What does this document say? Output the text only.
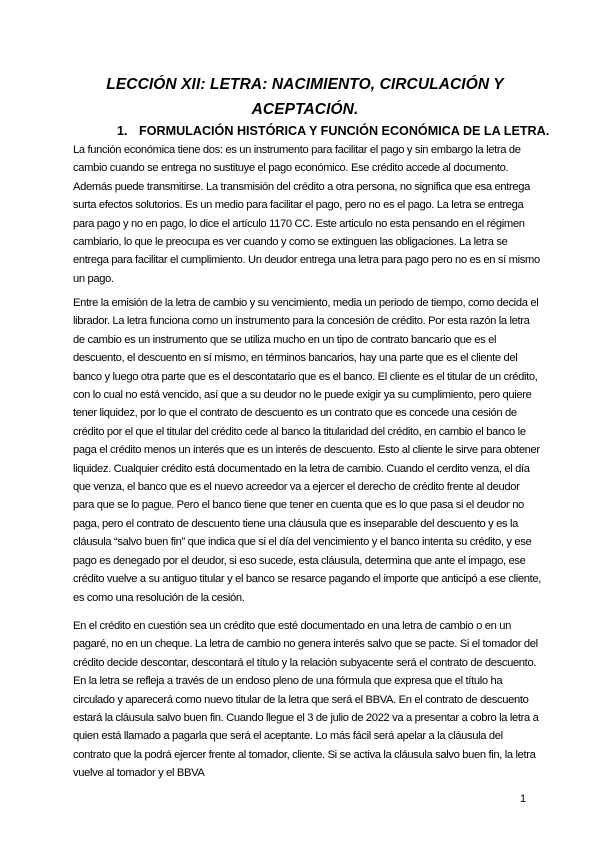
LECCIÓN XII: LETRA: NACIMIENTO, CIRCULACIÓN Y ACEPTACIÓN.
1. FORMULACIÓN HISTÓRICA Y FUNCIÓN ECONÓMICA DE LA LETRA.

La función económica tiene dos: es un instrumento para facilitar el pago y sin embargo la letra de cambio cuando se entrega no sustituye el pago económico. Ese crédito accede al documento. Además puede transmitirse. La transmisión del crédito a otra persona, no significa que esa entrega surta efectos solutorios. Es un medio para facilitar el pago, pero no es el pago. La letra se entrega para pago y no en pago, lo dice el artículo 1170 CC. Este articulo no esta pensando en el régimen cambiario, lo que le preocupa es ver cuando y como se extinguen las obligaciones. La letra se entrega para facilitar el cumplimiento. Un deudor entrega una letra para pago pero no es en sí mismo un pago.

Entre la emisión de la letra de cambio y su vencimiento, media un periodo de tiempo, como decida el librador. La letra funciona como un instrumento para la concesión de crédito. Por esta razón la letra de cambio es un instrumento que se utiliza mucho en un tipo de contrato bancario que es el descuento, el descuento en sí mismo, en términos bancarios, hay una parte que es el cliente del banco y luego otra parte que es el descontatario que es el banco. El cliente es el titular de un crédito, con lo cual no está vencido, así que a su deudor no le puede exigir ya su cumplimiento, pero quiere tener liquidez, por lo que el contrato de descuento es un contrato que es concede una cesión de crédito por el que el titular del crédito cede al banco la titularidad del crédito, en cambio el banco le paga el crédito menos un interés que es un interés de descuento. Esto al cliente le sirve para obtener liquidez. Cualquier crédito está documentado en la letra de cambio. Cuando el cerdito venza, el día que venza, el banco que es el nuevo acreedor va a ejercer el derecho de crédito frente al deudor para que se lo pague. Pero el banco tiene que tener en cuenta que es lo que pasa si el deudor no paga, pero el contrato de descuento tiene una cláusula que es inseparable del descuento y es la cláusula “salvo buen fin” que indica que si el día del vencimiento y el banco intenta su crédito, y ese pago es denegado por el deudor, si eso sucede, esta cláusula, determina que ante el impago, ese crédito vuelve a su antiguo titular y el banco se resarce pagando el importe que anticipó a ese cliente, es como una resolución de la cesión.

En el crédito en cuestión sea un crédito que esté documentado en una letra de cambio o en un pagaré, no en un cheque. La letra de cambio no genera interés salvo que se pacte. Si el tomador del crédito decide descontar, descontará el título y la relación subyacente será el contrato de descuento. En la letra se refleja a través de un endoso pleno de una fórmula que expresa que el título ha circulado y aparecerá como nuevo titular de la letra que será el BBVA. En el contrato de descuento estará la cláusula salvo buen fin. Cuando llegue el 3 de julio de 2022 va a presentar a cobro la letra a quien está llamado a pagarla que será el aceptante. Lo más fácil será apelar a la cláusula del contrato que la podrá ejercer frente al tomador, cliente. Si se activa la cláusula salvo buen fin, la letra vuelve al tomador y el BBVA

1
